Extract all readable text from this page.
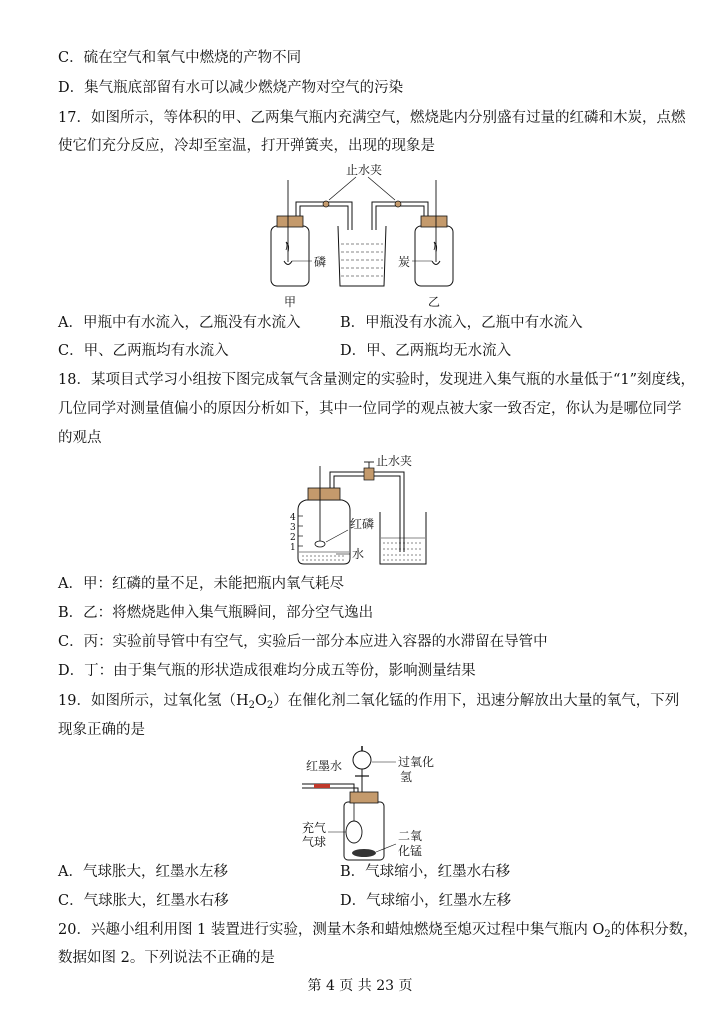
C．硫在空气和氧气中燃烧的产物不同
D．集气瓶底部留有水可以减少燃烧产物对空气的污染
17．如图所示，等体积的甲、乙两集气瓶内充满空气，燃烧匙内分别盛有过量的红磷和木炭，点燃
使它们充分反应，冷却至室温，打开弹簧夹，出现的现象是
止水夹
磷	炭
甲	乙
A．甲瓶中有水流入，乙瓶没有水流入	B．甲瓶没有水流入，乙瓶中有水流入
C．甲、乙两瓶均有水流入	D．甲、乙两瓶均无水流入
18．某项目式学习小组按下图完成氧气含量测定的实验时，发现进入集气瓶的水量低于“1”刻度线，
几位同学对测量值偏小的原因分析如下，其中一位同学的观点被大家一致否定，你认为是哪位同学
的观点
止水夹
4
3
2
1
红磷
水
A．甲：红磷的量不足，未能把瓶内氧气耗尽
B．乙：将燃烧匙伸入集气瓶瞬间，部分空气逸出
C．丙：实验前导管中有空气，实验后一部分本应进入容器的水滞留在导管中
D．丁：由于集气瓶的形状造成很难均分成五等份，影响测量结果
19．如图所示，过氧化氢$(H_2O_2)$在催化剂二氧化锰的作用下，迅速分解放出大量的氧气，下列
现象正确的是
红墨水	过氧化
氢
充气
气球	二氧
化锰
A．气球胀大，红墨水左移	B．气球缩小，红墨水右移
C．气球胀大，红墨水右移	D．气球缩小，红墨水左移
20．兴趣小组利用图 1 装置进行实验，测量木条和蜡烛燃烧至熄灭过程中集气瓶内 $O_2$的体积分数，
数据如图 2。下列说法不正确的是
第 4 页 共 23 页
